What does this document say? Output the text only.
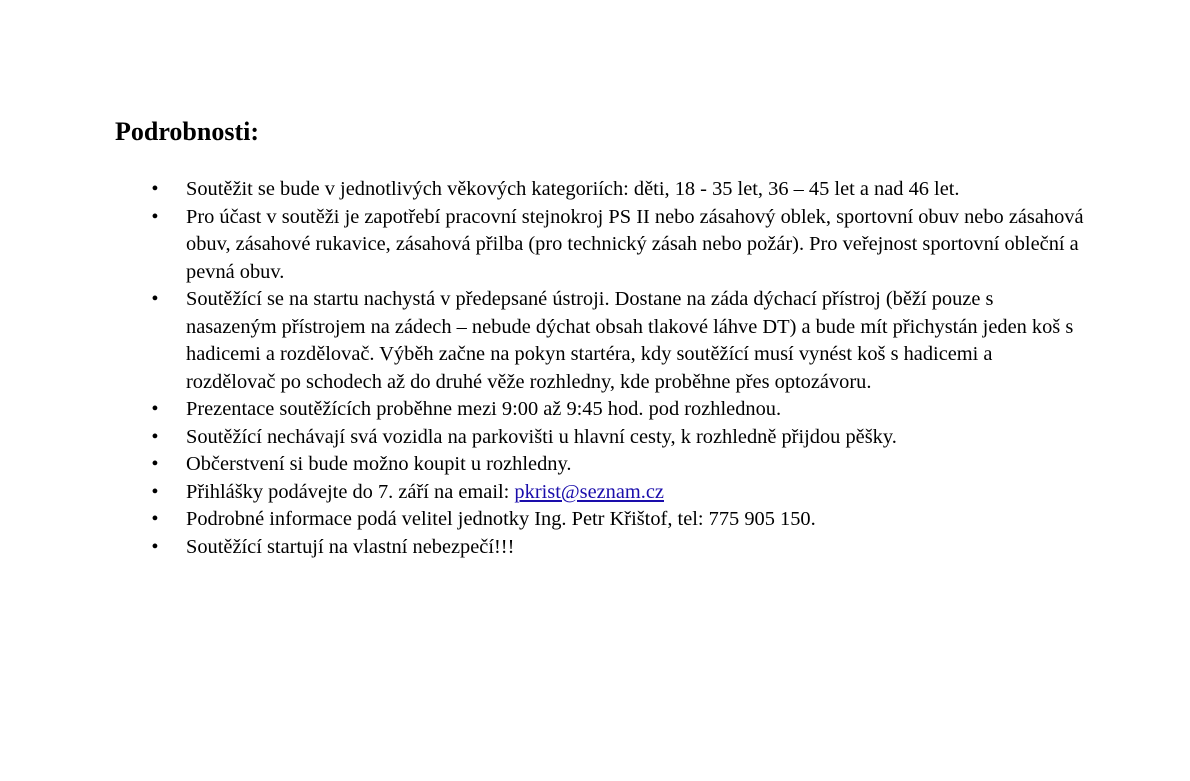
Podrobnosti:
• Soutěžit se bude v jednotlivých věkových kategoriích: děti, 18 - 35 let, 36 – 45 let a nad 46 let.
• Pro účast v soutěži je zapotřebí pracovní stejnokroj PS II nebo zásahový oblek, sportovní obuv nebo zásahová obuv, zásahové rukavice, zásahová přilba (pro technický zásah nebo požár). Pro veřejnost sportovní obleční a pevná obuv.
• Soutěžící se na startu nachystá v předepsané ústroji. Dostane na záda dýchací přístroj (běží pouze s nasazeným přístrojem na zádech – nebude dýchat obsah tlakové láhve DT) a bude mít přichystán jeden koš s hadicemi a rozdělovač. Výběh začne na pokyn startéra, kdy soutěžící musí vynést koš s hadicemi a rozdělovač po schodech až do druhé věže rozhledny, kde proběhne přes optozávoru.
• Prezentace soutěžících proběhne mezi 9:00 až 9:45 hod. pod rozhlednou.
• Soutěžící nechávají svá vozidla na parkovišti u hlavní cesty, k rozhledně přijdou pěšky.
• Občerstvení si bude možno koupit u rozhledny.
• Přihlášky podávejte do 7. září na email: pkrist@seznam.cz
• Podrobné informace podá velitel jednotky Ing. Petr Křištof, tel: 775 905 150.
• Soutěžící startují na vlastní nebezpečí!!!
